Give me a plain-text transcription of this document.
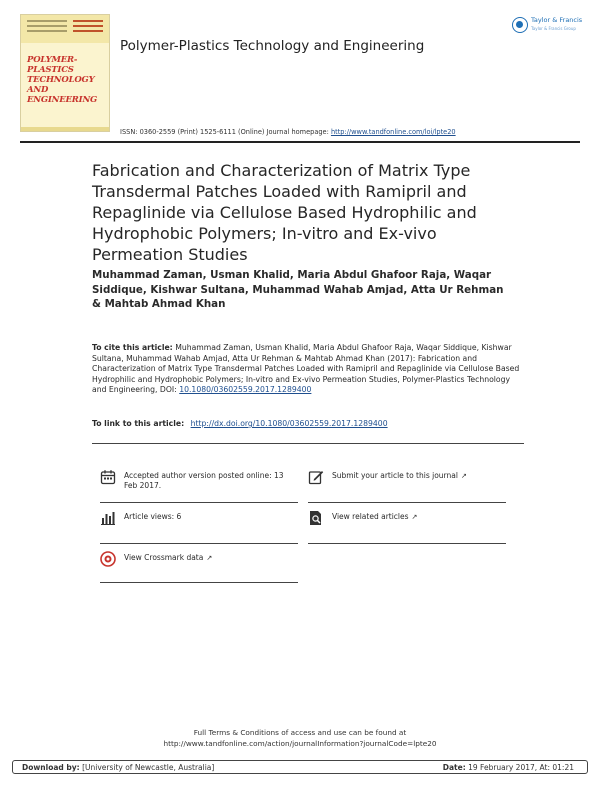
POLYMER-PLASTICS TECHNOLOGY AND ENGINEERING
Polymer-Plastics Technology and Engineering
Taylor & Francis
Taylor & Francis Group
ISSN: 0360-2559 (Print) 1525-6111 (Online) Journal homepage: http://www.tandfonline.com/loi/lpte20
Fabrication and Characterization of Matrix Type Transdermal Patches Loaded with Ramipril and Repaglinide via Cellulose Based Hydrophilic and Hydrophobic Polymers; In-vitro and Ex-vivo Permeation Studies
Muhammad Zaman, Usman Khalid, Maria Abdul Ghafoor Raja, Waqar Siddique, Kishwar Sultana, Muhammad Wahab Amjad, Atta Ur Rehman & Mahtab Ahmad Khan
To cite this article: Muhammad Zaman, Usman Khalid, Maria Abdul Ghafoor Raja, Waqar Siddique, Kishwar Sultana, Muhammad Wahab Amjad, Atta Ur Rehman & Mahtab Ahmad Khan (2017): Fabrication and Characterization of Matrix Type Transdermal Patches Loaded with Ramipril and Repaglinide via Cellulose Based Hydrophilic and Hydrophobic Polymers; In-vitro and Ex-vivo Permeation Studies, Polymer-Plastics Technology and Engineering, DOI: 10.1080/03602559.2017.1289400
To link to this article: http://dx.doi.org/10.1080/03602559.2017.1289400
Accepted author version posted online: 13 Feb 2017.
Submit your article to this journal ↗
Article views: 6	View related articles ↗
View Crossmark data ↗
Full Terms & Conditions of access and use can be found at
http://www.tandfonline.com/action/journalInformation?journalCode=lpte20
Download by: [University of Newcastle, Australia]	Date: 19 February 2017, At: 01:21
